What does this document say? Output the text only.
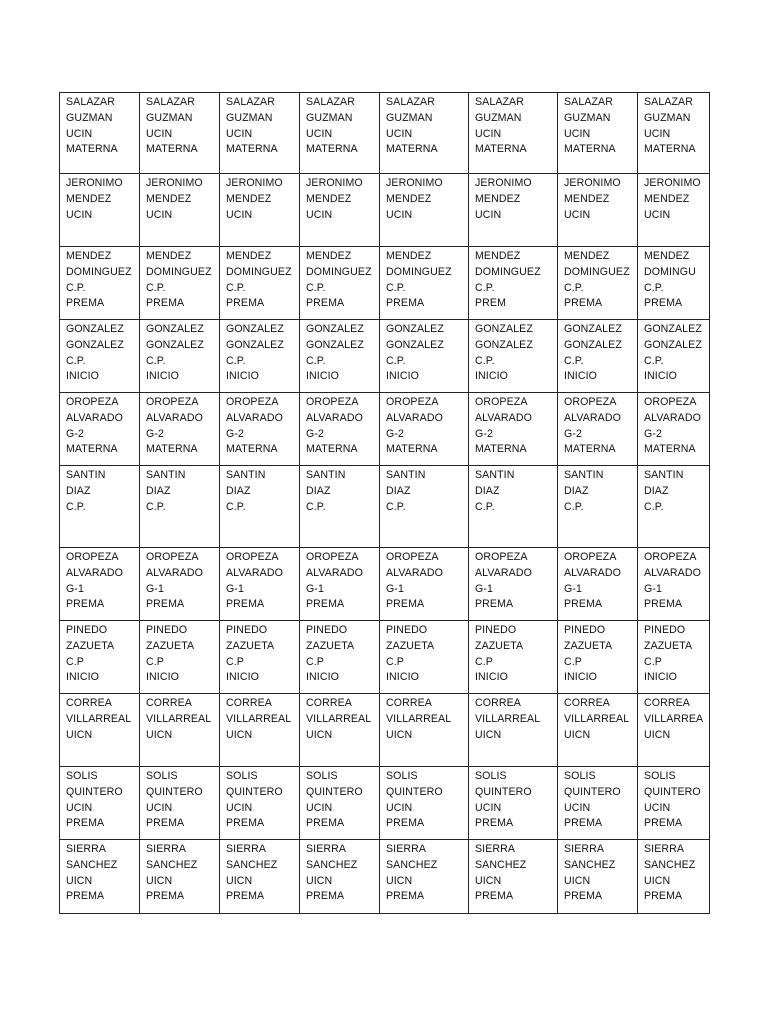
SALAZAR
GUZMAN
UCIN
MATERNA	SALAZAR
GUZMAN
UCIN
MATERNA	SALAZAR
GUZMAN
UCIN
MATERNA	SALAZAR
GUZMAN
UCIN
MATERNA	SALAZAR
GUZMAN
UCIN
MATERNA	SALAZAR
GUZMAN
UCIN
MATERNA	SALAZAR
GUZMAN
UCIN
MATERNA	SALAZAR
GUZMAN
UCIN
MATERNA

JERONIMO
MENDEZ
UCIN	JERONIMO
MENDEZ
UCIN	JERONIMO
MENDEZ
UCIN	JERONIMO
MENDEZ
UCIN	JERONIMO
MENDEZ
UCIN	JERONIMO
MENDEZ
UCIN	JERONIMO
MENDEZ
UCIN	JERONIMO
MENDEZ
UCIN

MENDEZ
DOMINGUEZ
C.P.
PREMA	MENDEZ
DOMINGUEZ
C.P.
PREMA	MENDEZ
DOMINGUEZ
C.P.
PREMA	MENDEZ
DOMINGUEZ
C.P.
PREMA	MENDEZ
DOMINGUEZ
C.P.
PREMA	MENDEZ
DOMINGUEZ
C.P.
PREM	MENDEZ
DOMINGUEZ
C.P.
PREMA	MENDEZ
DOMINGU
C.P.
PREMA

GONZALEZ
GONZALEZ
C.P.
INICIO	GONZALEZ
GONZALEZ
C.P.
INICIO	GONZALEZ
GONZALEZ
C.P.
INICIO	GONZALEZ
GONZALEZ
C.P.
INICIO	GONZALEZ
GONZALEZ
C.P.
INICIO	GONZALEZ
GONZALEZ
C.P.
INICIO	GONZALEZ
GONZALEZ
C.P.
INICIO	GONZALEZ
GONZALEZ
C.P.
INICIO

OROPEZA
ALVARADO
G-2
MATERNA	OROPEZA
ALVARADO
G-2
MATERNA	OROPEZA
ALVARADO
G-2
MATERNA	OROPEZA
ALVARADO
G-2
MATERNA	OROPEZA
ALVARADO
G-2
MATERNA	OROPEZA
ALVARADO
G-2
MATERNA	OROPEZA
ALVARADO
G-2
MATERNA	OROPEZA
ALVARADO
G-2
MATERNA

SANTIN
DIAZ
C.P.	SANTIN
DIAZ
C.P.	SANTIN
DIAZ
C.P.	SANTIN
DIAZ
C.P.	SANTIN
DIAZ
C.P.	SANTIN
DIAZ
C.P.	SANTIN
DIAZ
C.P.	SANTIN
DIAZ
C.P.

OROPEZA
ALVARADO
G-1
PREMA	OROPEZA
ALVARADO
G-1
PREMA	OROPEZA
ALVARADO
G-1
PREMA	OROPEZA
ALVARADO
G-1
PREMA	OROPEZA
ALVARADO
G-1
PREMA	OROPEZA
ALVARADO
G-1
PREMA	OROPEZA
ALVARADO
G-1
PREMA	OROPEZA
ALVARADO
G-1
PREMA

PINEDO
ZAZUETA
C.P
INICIO	PINEDO
ZAZUETA
C.P
INICIO	PINEDO
ZAZUETA
C.P
INICIO	PINEDO
ZAZUETA
C.P
INICIO	PINEDO
ZAZUETA
C.P
INICIO	PINEDO
ZAZUETA
C.P
INICIO	PINEDO
ZAZUETA
C.P
INICIO	PINEDO
ZAZUETA
C.P
INICIO

CORREA
VILLARREAL
UICN	CORREA
VILLARREAL
UICN	CORREA
VILLARREAL
UICN	CORREA
VILLARREAL
UICN	CORREA
VILLARREAL
UICN	CORREA
VILLARREAL
UICN	CORREA
VILLARREAL
UICN	CORREA
VILLARREA
UICN

SOLIS
QUINTERO
UCIN
PREMA	SOLIS
QUINTERO
UCIN
PREMA	SOLIS
QUINTERO
UCIN
PREMA	SOLIS
QUINTERO
UCIN
PREMA	SOLIS
QUINTERO
UCIN
PREMA	SOLIS
QUINTERO
UCIN
PREMA	SOLIS
QUINTERO
UCIN
PREMA	SOLIS
QUINTERO
UCIN
PREMA

SIERRA
SANCHEZ
UICN
PREMA	SIERRA
SANCHEZ
UICN
PREMA	SIERRA
SANCHEZ
UICN
PREMA	SIERRA
SANCHEZ
UICN
PREMA	SIERRA
SANCHEZ
UICN
PREMA	SIERRA
SANCHEZ
UICN
PREMA	SIERRA
SANCHEZ
UICN
PREMA	SIERRA
SANCHEZ
UICN
PREMA
